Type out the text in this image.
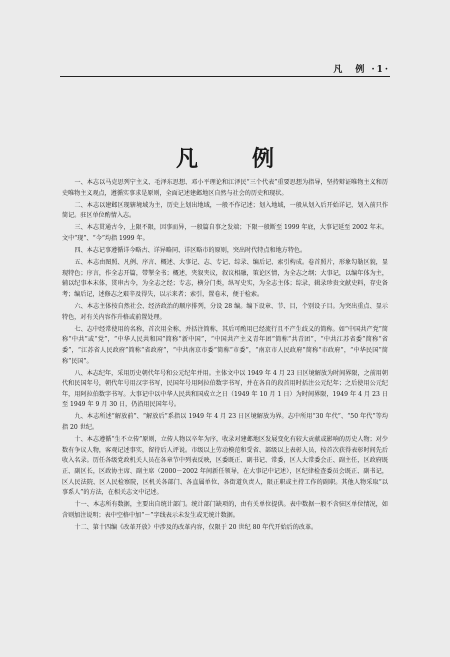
凡　例 ·1·
凡　例

一、本志以马克思列宁主义、毛泽东思想、邓小平理论和江泽民“三个代表”重要思想为指导，坚持辩证唯物主义和历史唯物主义观点，遵循实事求是原则，全面记述建邺地区自然与社会的历史和现状。

二、本志以建邺区现辖境域为主，历史上划出地域，一般不作记述；划入地域，一般从划入后开始详记，划入前只作简记。驻区单位酌情入志。

三、本志贯通古今，上限不限，因事而异，一般篇自事之发端；下限一般断至 1999 年底，大事记延至 2002 年末。文中“现”、“今”均指 1999 年。

四、本志记事遵循详今略古、详异略同、详区略市的原则，突出时代特点和地方特色。

五、本志由图照、凡例、序言、概述、大事记、志、专记、综录、编后记、索引构成。卷首照片，形象勾勒区貌，显现特色；序言，作全志开篇，带掣全书；概述，夹叙夹议，叙议相融，策论区情，为全志之纲；大事记，以编年体为主，辅以纪事本末体，贯串古今，为全志之经；专志，横分门类，纵写史实，为全志主体；综录，辑录珍贵文献史料，存史备考；编后记，述修志之艰辛及得失，以示来者；索引，置卷末，便于检索。

六、本志主体按自然社会、经济政治的顺序排列，分设 28 编。编下设章、节、目，个别设子目。为突出重点、显示特色，对有关内容作升格或前置处理。

七、志中经常使用的名称，首次用全称，并括注简称，其后可酌用已经流行且不产生歧义的简称。如“中国共产党”简称“中共”或“党”，“中华人民共和国”简称“新中国”，“中国共产主义青年团”简称“共青团”，“中共江苏省委”简称“省委”，“江苏省人民政府”简称“省政府”，“中共南京市委”简称“市委”，“南京市人民政府”简称“市政府”，“中华民国”简称“民国”。

八、本志纪年，采用历史朝代年号和公元纪年并用。主体文中以 1949 年 4 月 23 日区境解放为时间界限，之前用朝代和民国年号，朝代年号用汉字书写，民国年号用阿拉伯数字书写，并在各自的段首用时括注公元纪年；之后使用公元纪年，用阿拉伯数字书写。大事记中以中华人民共和国成立之日（1949 年 10 月 1 日）为时间界限，1949 年 4 月 23 日至 1949 年 9 月 30 日，仍沿用民国年号。

九、本志所述“解放前”、“解放后”系指以 1949 年 4 月 23 日区境解放为界。志中所用“30 年代”、“50 年代”等均指 20 世纪。

十、本志遵循“生不立传”原则，立传人物以卒年为序，收录对建邺地区发展变化有较大贡献或影响的历史人物；对少数有争议人物，客观记述事实，留待后人评说。市级以上劳动模范和受省、部级以上表彰人员，按首次获得表彰时间先后收入名录。历任各级党政机关人员在各章节中列表反映，区委既正、副书记、常委，区人大常委会正、副主任，区政府既正、副区长，区政协主席、副主席（2000－2002 年间新任领导，在大事记中记述），区纪律检查委员会既正、副书记，区人民法院、区人民检察院，区机关各部门、各直属单位、各街道负责人，限正职或主持工作的副职。其他人物采取“以事系人”的方法，在相关志文中记述。

十一、本志所有数据，主要出自统计部门。统计部门缺项的，由有关单位提供。表中数据一般不含驻区单位情况，如含则加注说明；表中空格中加“－”字线表示未发生或无统计数据。

十二、第十四编《改革开放》中涉及的改革内容，仅限于 20 世纪 80 年代开始后的改革。
